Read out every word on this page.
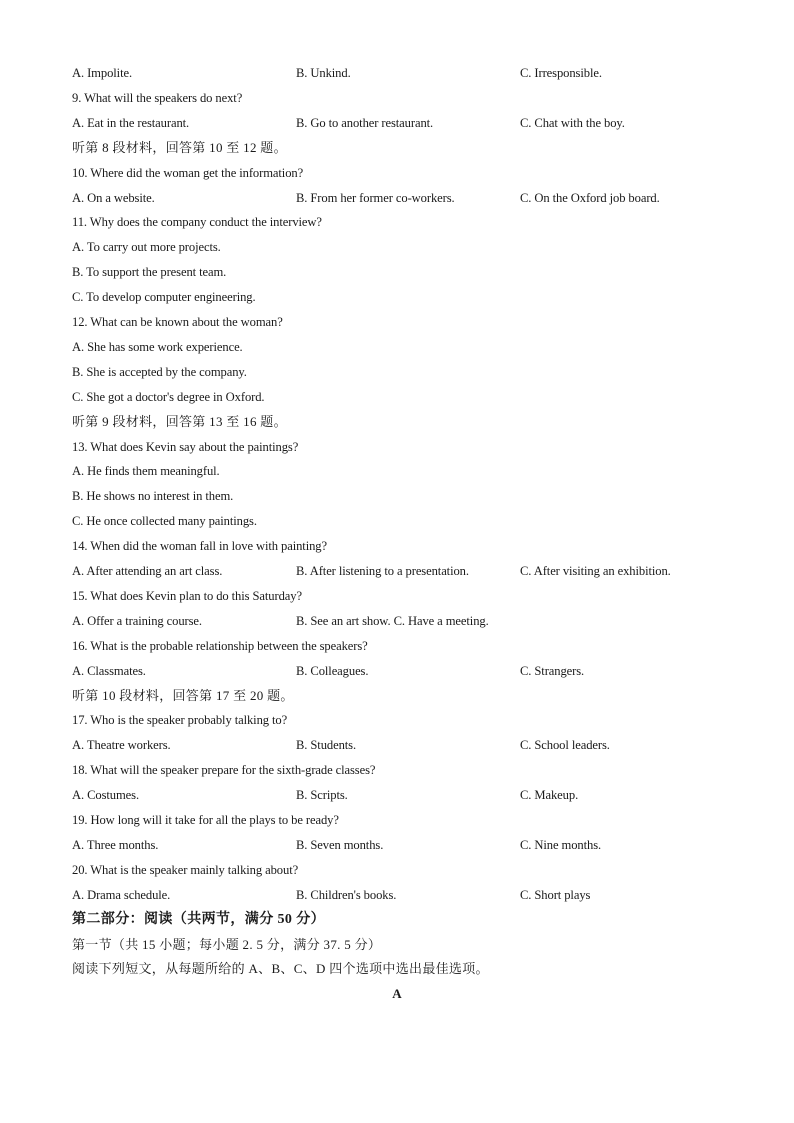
A. Impolite.	B. Unkind.	C. Irresponsible.
9. What will the speakers do next?
A. Eat in the restaurant.	B. Go to another restaurant.	C. Chat with the boy.
听第 8 段材料，回答第 10 至 12 题。
10. Where did the woman get the information?
A. On a website.	B. From her former co-workers.	C. On the Oxford job board.
11. Why does the company conduct the interview?
A. To carry out more projects.
B. To support the present team.
C. To develop computer engineering.
12. What can be known about the woman?
A. She has some work experience.
B. She is accepted by the company.
C. She got a doctor's degree in Oxford.
听第 9 段材料，回答第 13 至 16 题。
13. What does Kevin say about the paintings?
A. He finds them meaningful.
B. He shows no interest in them.
C. He once collected many paintings.
14. When did the woman fall in love with painting?
A. After attending an art class.	B. After listening to a presentation.	C. After visiting an exhibition.
15. What does Kevin plan to do this Saturday?
A. Offer a training course.	B. See an art show. C. Have a meeting.
16. What is the probable relationship between the speakers?
A. Classmates.	B. Colleagues.	C. Strangers.
听第 10 段材料，回答第 17 至 20 题。
17. Who is the speaker probably talking to?
A. Theatre workers.	B. Students.	C. School leaders.
18. What will the speaker prepare for the sixth-grade classes?
A. Costumes.	B. Scripts.	C. Makeup.
19. How long will it take for all the plays to be ready?
A. Three months.	B. Seven months.	C. Nine months.
20. What is the speaker mainly talking about?
A. Drama schedule.	B. Children's books.	C. Short plays
第二部分：阅读（共两节，满分 50 分）
第一节（共 15 小题；每小题 2. 5 分，满分 37. 5 分）
阅读下列短文，从每题所给的 A、B、C、D 四个选项中选出最佳选项。
A
